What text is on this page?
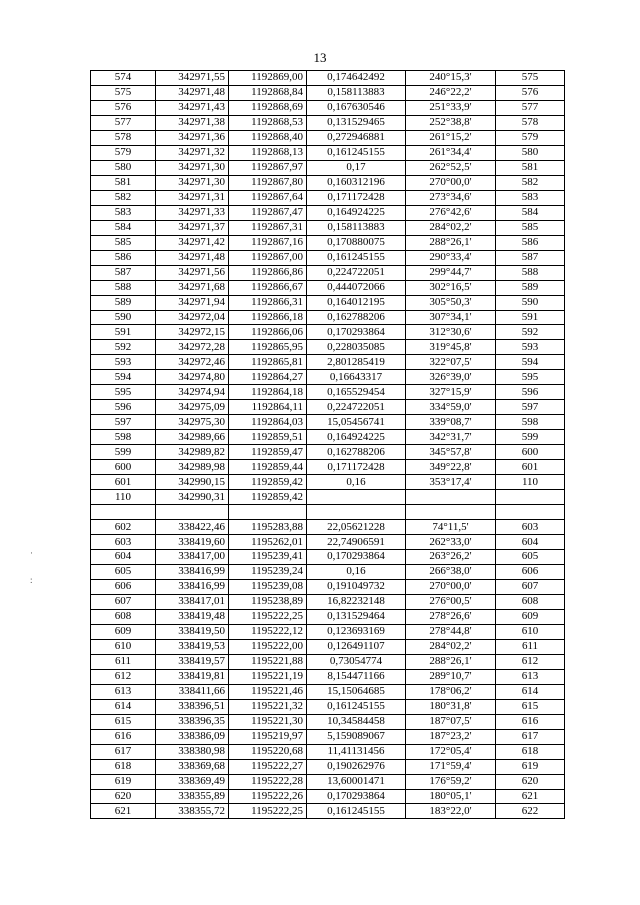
13
:
·
574	342971,55	1192869,00	0,174642492	240°15,3'	575
575	342971,48	1192868,84	0,158113883	246°22,2'	576
576	342971,43	1192868,69	0,167630546	251°33,9'	577
577	342971,38	1192868,53	0,131529465	252°38,8'	578
578	342971,36	1192868,40	0,272946881	261°15,2'	579
579	342971,32	1192868,13	0,161245155	261°34,4'	580
580	342971,30	1192867,97	0,17	262°52,5'	581
581	342971,30	1192867,80	0,160312196	270°00,0'	582
582	342971,31	1192867,64	0,171172428	273°34,6'	583
583	342971,33	1192867,47	0,164924225	276°42,6'	584
584	342971,37	1192867,31	0,158113883	284°02,2'	585
585	342971,42	1192867,16	0,170880075	288°26,1'	586
586	342971,48	1192867,00	0,161245155	290°33,4'	587
587	342971,56	1192866,86	0,224722051	299°44,7'	588
588	342971,68	1192866,67	0,444072066	302°16,5'	589
589	342971,94	1192866,31	0,164012195	305°50,3'	590
590	342972,04	1192866,18	0,162788206	307°34,1'	591
591	342972,15	1192866,06	0,170293864	312°30,6'	592
592	342972,28	1192865,95	0,228035085	319°45,8'	593
593	342972,46	1192865,81	2,801285419	322°07,5'	594
594	342974,80	1192864,27	0,16643317	326°39,0'	595
595	342974,94	1192864,18	0,165529454	327°15,9'	596
596	342975,09	1192864,11	0,224722051	334°59,0'	597
597	342975,30	1192864,03	15,05456741	339°08,7'	598
598	342989,66	1192859,51	0,164924225	342°31,7'	599
599	342989,82	1192859,47	0,162788206	345°57,8'	600
600	342989,98	1192859,44	0,171172428	349°22,8'	601
601	342990,15	1192859,42	0,16	353°17,4'	110
110	342990,31	1192859,42			

602	338422,46	1195283,88	22,05621228	74°11,5'	603
603	338419,60	1195262,01	22,74906591	262°33,0'	604
604	338417,00	1195239,41	0,170293864	263°26,2'	605
605	338416,99	1195239,24	0,16	266°38,0'	606
606	338416,99	1195239,08	0,191049732	270°00,0'	607
607	338417,01	1195238,89	16,82232148	276°00,5'	608
608	338419,48	1195222,25	0,131529464	278°26,6'	609
609	338419,50	1195222,12	0,123693169	278°44,8'	610
610	338419,53	1195222,00	0,126491107	284°02,2'	611
611	338419,57	1195221,88	0,73054774	288°26,1'	612
612	338419,81	1195221,19	8,154471166	289°10,7'	613
613	338411,66	1195221,46	15,15064685	178°06,2'	614
614	338396,51	1195221,32	0,161245155	180°31,8'	615
615	338396,35	1195221,30	10,34584458	187°07,5'	616
616	338386,09	1195219,97	5,159089067	187°23,2'	617
617	338380,98	1195220,68	11,41131456	172°05,4'	618
618	338369,68	1195222,27	0,190262976	171°59,4'	619
619	338369,49	1195222,28	13,60001471	176°59,2'	620
620	338355,89	1195222,26	0,170293864	180°05,1'	621
621	338355,72	1195222,25	0,161245155	183°22,0'	622
